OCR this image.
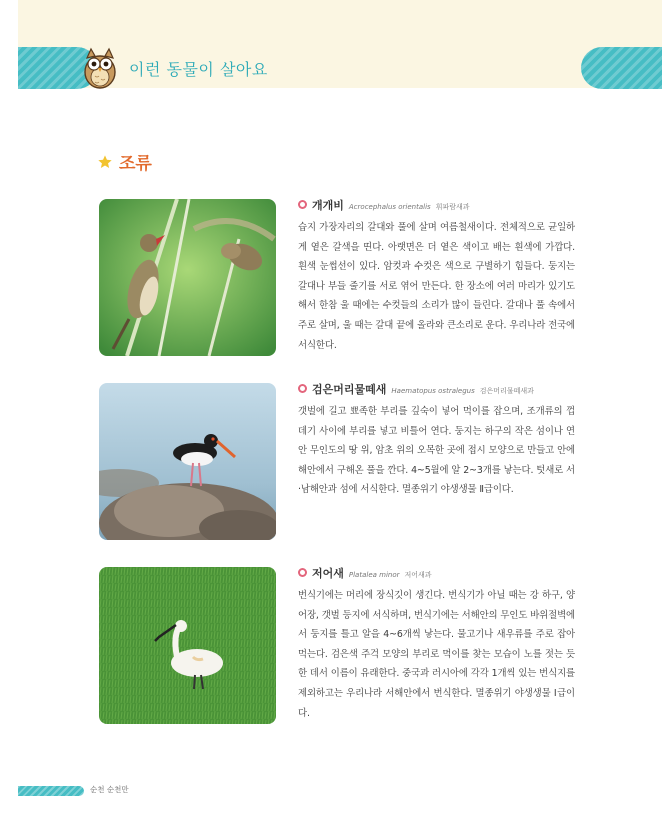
이런 동물이 살아요
조류
개개비 Acrocephalus orientalis 휘파람새과

습지 가장자리의 갈대와 풀에 살며 여름철새이다. 전체적으로 균일하게 옅은 갈색을 띤다. 아랫면은 더 옅은 색이고 배는 흰색에 가깝다. 흰색 눈썹선이 있다. 암컷과 수컷은 색으로 구별하기 힘들다. 둥지는 갈대나 부들 줄기를 서로 엮어 만든다. 한 장소에 여러 마리가 있기도 해서 한참 울 때에는 수컷들의 소리가 많이 들린다. 갈대나 풀 속에서 주로 살며, 울 때는 갈대 끝에 올라와 큰소리로 운다. 우리나라 전국에 서식한다.

검은머리물떼새 Haematopus ostralegus 검은머리물떼새과

갯벌에 길고 뾰족한 부리를 깊숙이 넣어 먹이를 잡으며, 조개류의 껍데기 사이에 부리를 넣고 비틀어 연다. 둥지는 하구의 작은 섬이나 연안 무인도의 땅 위, 암초 위의 오목한 곳에 접시 모양으로 만들고 안에 해안에서 구해온 풀을 깐다. 4~5월에 알 2~3개를 낳는다. 텃새로 서·남해안과 섬에 서식한다. 멸종위기 야생생물 Ⅱ급이다.

저어새 Platalea minor 저어새과

번식기에는 머리에 장식깃이 생긴다. 번식기가 아닐 때는 강 하구, 양어장, 갯벌 등지에 서식하며, 번식기에는 서해안의 무인도 바위절벽에서 둥지를 틀고 알을 4~6개씩 낳는다. 물고기나 새우류를 주로 잡아먹는다. 검은색 주걱 모양의 부리로 먹이를 찾는 모습이 노를 젓는 듯한 데서 이름이 유래한다. 중국과 러시아에 각각 1개씩 있는 번식지를 제외하고는 우리나라 서해안에서 번식한다. 멸종위기 야생생물 Ⅰ급이다.

순천 순천만
